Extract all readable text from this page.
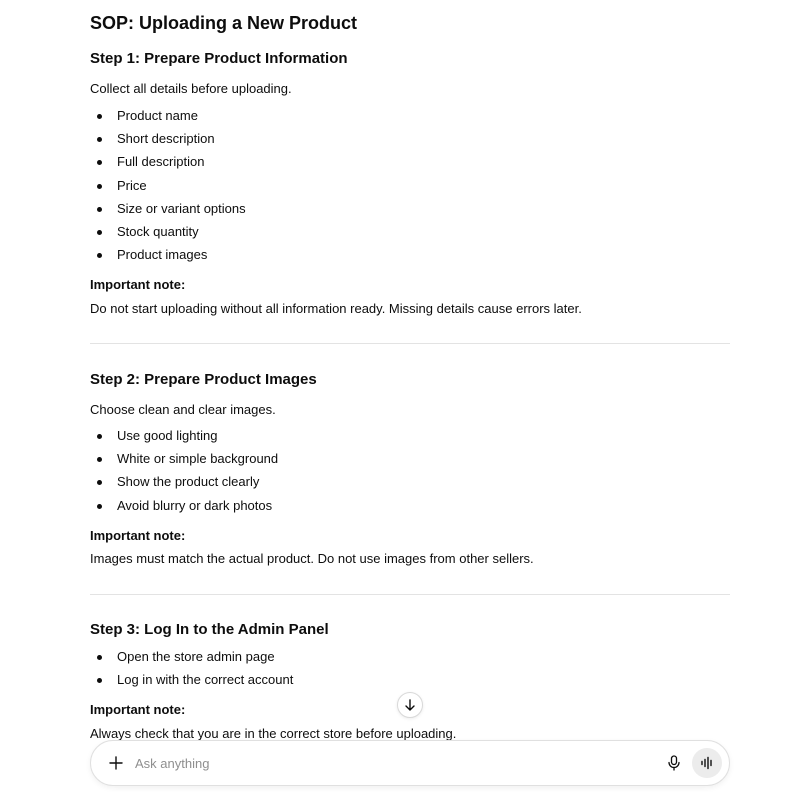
SOP: Uploading a New Product
Step 1: Prepare Product Information
Collect all details before uploading.
Product name
Short description
Full description
Price
Size or variant options
Stock quantity
Product images
Important note:
Do not start uploading without all information ready. Missing details cause errors later.
Step 2: Prepare Product Images
Choose clean and clear images.
Use good lighting
White or simple background
Show the product clearly
Avoid blurry or dark photos
Important note:
Images must match the actual product. Do not use images from other sellers.
Step 3: Log In to the Admin Panel
Open the store admin page
Log in with the correct account
Important note:
Always check that you are in the correct store before uploading.
Ask anything
